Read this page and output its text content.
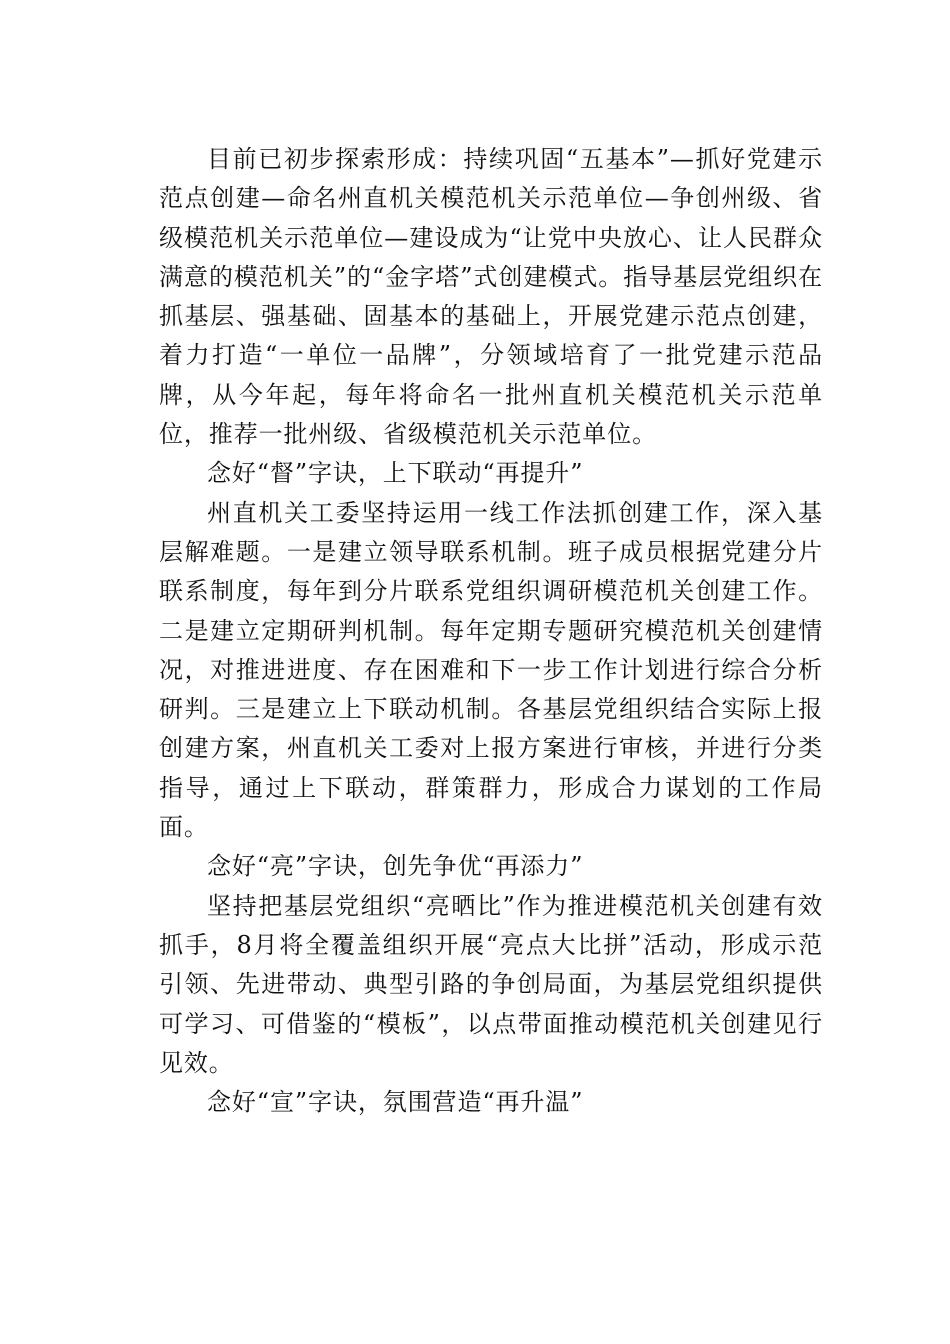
目前已初步探索形成：持续巩固“五基本”—抓好党建示范点创建—命名州直机关模范机关示范单位—争创州级、省级模范机关示范单位—建设成为“让党中央放心、让人民群众满意的模范机关”的“金字塔”式创建模式。指导基层党组织在抓基层、强基础、固基本的基础上，开展党建示范点创建，着力打造“一单位一品牌”，分领域培育了一批党建示范品牌，从今年起，每年将命名一批州直机关模范机关示范单位，推荐一批州级、省级模范机关示范单位。

念好“督”字诀，上下联动“再提升”

州直机关工委坚持运用一线工作法抓创建工作，深入基层解难题。一是建立领导联系机制。班子成员根据党建分片联系制度，每年到分片联系党组织调研模范机关创建工作。二是建立定期研判机制。每年定期专题研究模范机关创建情况，对推进进度、存在困难和下一步工作计划进行综合分析研判。三是建立上下联动机制。各基层党组织结合实际上报创建方案，州直机关工委对上报方案进行审核，并进行分类指导，通过上下联动，群策群力，形成合力谋划的工作局面。

念好“亮”字诀，创先争优“再添力”

坚持把基层党组织“亮晒比”作为推进模范机关创建有效抓手，8月将全覆盖组织开展“亮点大比拼”活动，形成示范引领、先进带动、典型引路的争创局面，为基层党组织提供可学习、可借鉴的“模板”，以点带面推动模范机关创建见行见效。

念好“宣”字诀，氛围营造“再升温”
